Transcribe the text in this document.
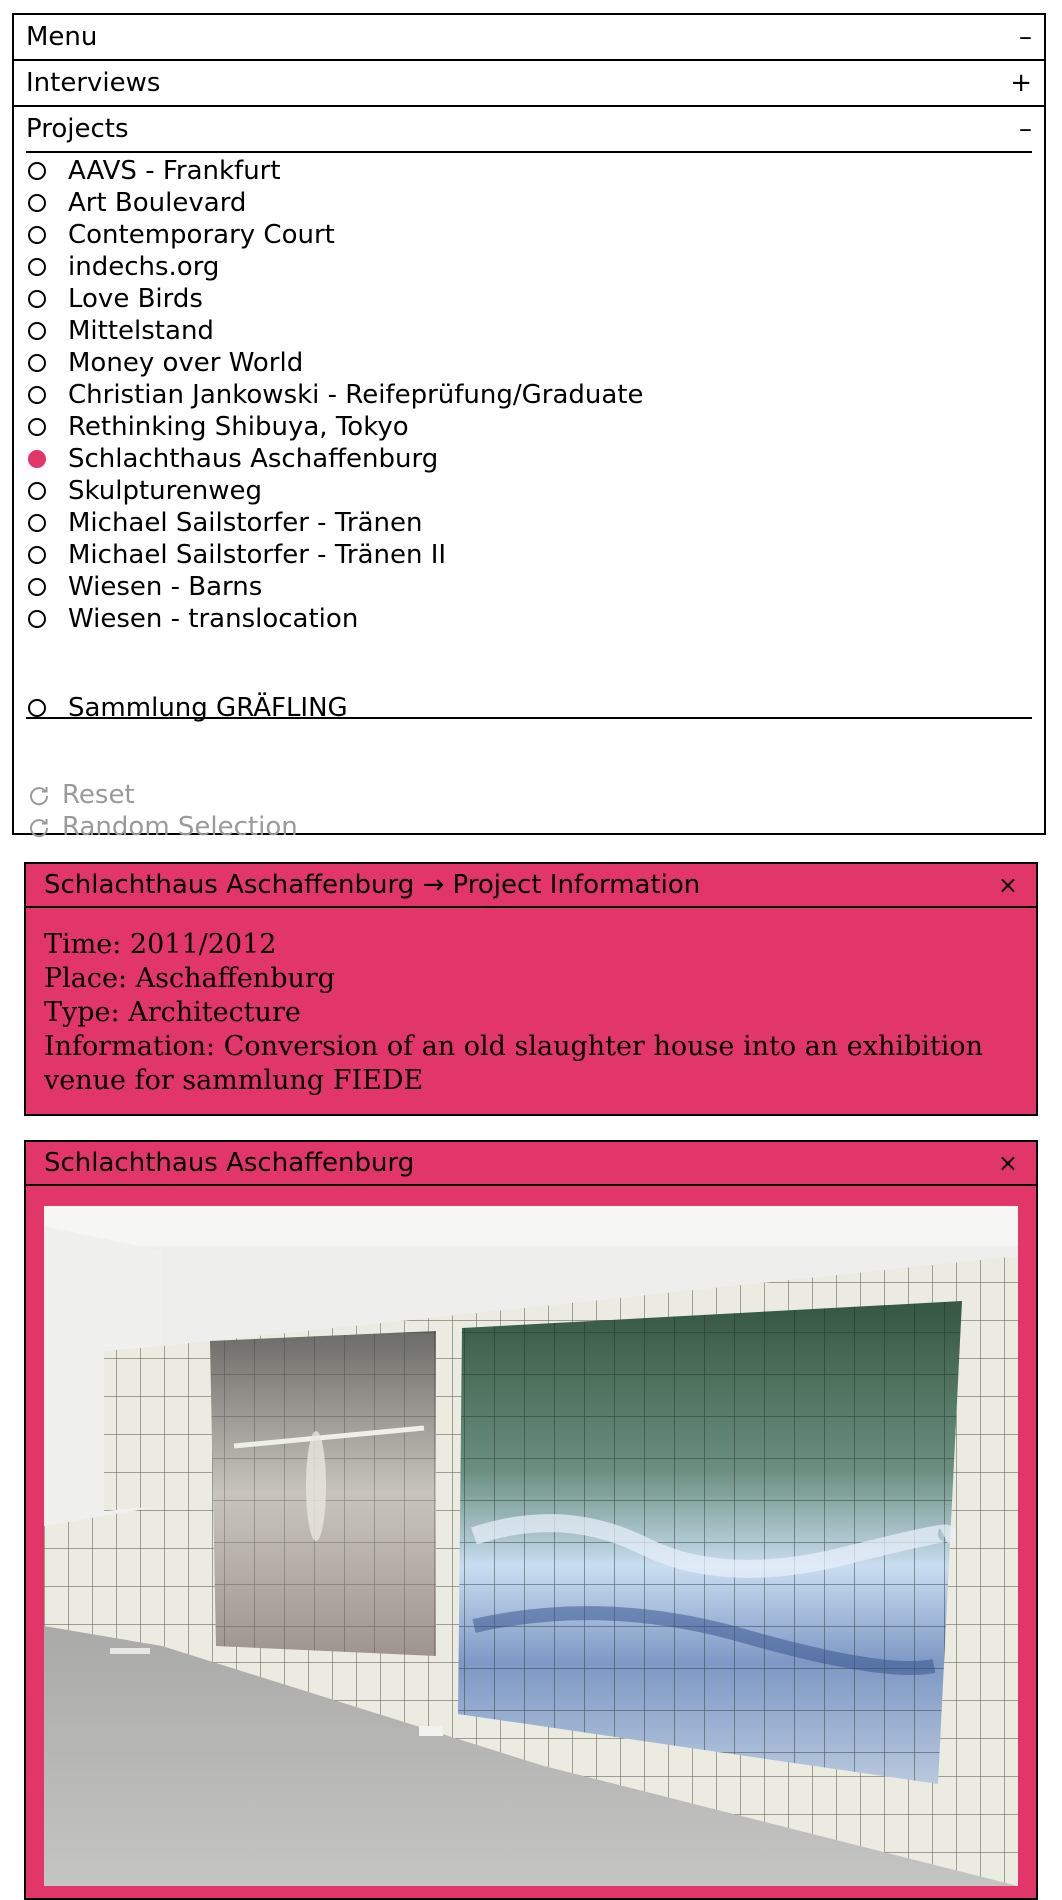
Menu	–
Interviews	+
Projects	–
AAVS - Frankfurt
Art Boulevard
Contemporary Court
indechs.org
Love Birds
Mittelstand
Money over World
Christian Jankowski - Reifeprüfung/Graduate
Rethinking Shibuya, Tokyo
Schlachthaus Aschaffenburg
Skulpturenweg
Michael Sailstorfer - Tränen
Michael Sailstorfer - Tränen II
Wiesen - Barns
Wiesen - translocation
Sammlung GRÄFLING
Reset
Random Selection
Schlachthaus Aschaffenburg → Project Information	×
Time: 2011/2012
Place: Aschaffenburg
Type: Architecture
Information: Conversion of an old slaughter house into an exhibition venue for sammlung FIEDE
Schlachthaus Aschaffenburg	×
